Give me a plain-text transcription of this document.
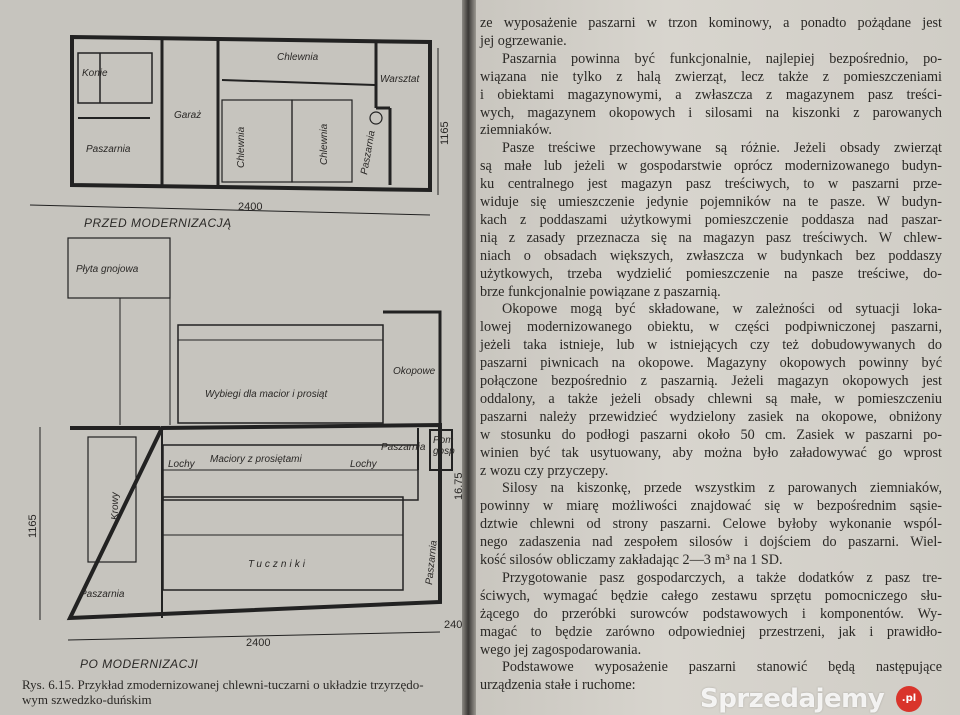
Konie
Paszarnia
Garaż
Chlewnia
Chlewnia	Chlewnia	Paszarnia
Warsztat
2400
1165
PRZED MODERNIZACJĄ
Płyta gnojowa
Wybiegi dla macior i prosiąt
Okopowe
Paszarnia
Pom
gosp
Lochy Maciory z prosiętami	Lochy
Krowy
Tuczniki
Paszarnia
Paszarnia
2400
1165
240
16.75
PO MODERNIZACJI
Rys. 6.15. Przykład zmodernizowanej chlewni-tuczarni o układzie trzyrzędo-
wym szwedzko-duńskim
ze wyposażenie paszarni w trzon kominowy, a ponadto pożądane jest
jej ogrzewanie.
Paszarnia powinna być funkcjonalnie, najlepiej bezpośrednio, po-
wiązana nie tylko z halą zwierząt, lecz także z pomieszczeniami
i obiektami magazynowymi, a zwłaszcza z magazynem pasz treści-
wych, magazynem okopowych i silosami na kiszonki z parowanych
ziemniaków.
Pasze treściwe przechowywane są różnie. Jeżeli obsady zwierząt
są małe lub jeżeli w gospodarstwie oprócz modernizowanego budyn-
ku centralnego jest magazyn pasz treściwych, to w paszarni prze-
widuje się umieszczenie jedynie pojemników na te pasze. W budyn-
kach z poddaszami użytkowymi pomieszczenie poddasza nad paszar-
nią z zasady przeznacza się na magazyn pasz treściwych. W chlew-
niach o obsadach większych, zwłaszcza w budynkach bez poddaszy
użytkowych, trzeba wydzielić pomieszczenie na pasze treściwe, do-
brze funkcjonalnie powiązane z paszarnią.
Okopowe mogą być składowane, w zależności od sytuacji loka-
lowej modernizowanego obiektu, w części podpiwniczonej paszarni,
jeżeli taka istnieje, lub w istniejących czy też dobudowywanych do
paszarni piwnicach na okopowe. Magazyny okopowych powinny być
połączone bezpośrednio z paszarnią. Jeżeli magazyn okopowych jest
oddalony, a także jeżeli obsady chlewni są małe, w pomieszczeniu
paszarni należy przewidzieć wydzielony zasiek na okopowe, obniżony
w stosunku do podłogi paszarni około 50 cm. Zasiek w paszarni po-
winien być tak usytuowany, aby można było załadowywać go wprost
z wozu czy przyczepy.
Silosy na kiszonkę, przede wszystkim z parowanych ziemniaków,
powinny w miarę możliwości znajdować się w bezpośrednim sąsie-
dztwie chlewni od strony paszarni. Celowe byłoby wykonanie wspól-
nego zadaszenia nad zespołem silosów i dojściem do paszarni. Wiel-
kość silosów obliczamy zakładając 2—3 m³ na 1 SD.
Przygotowanie pasz gospodarczych, a także dodatków z pasz tre-
ściwych, wymagać będzie całego zestawu sprzętu pomocniczego słu-
żącego do przeróbki surowców podstawowych i komponentów. Wy-
magać to będzie zarówno odpowiedniej przestrzeni, jak i prawidło-
wego jej zagospodarowania.
Podstawowe wyposażenie paszarni stanowić będą następujące
urządzenia stałe i ruchome:	Sprzedajemy	.pl
